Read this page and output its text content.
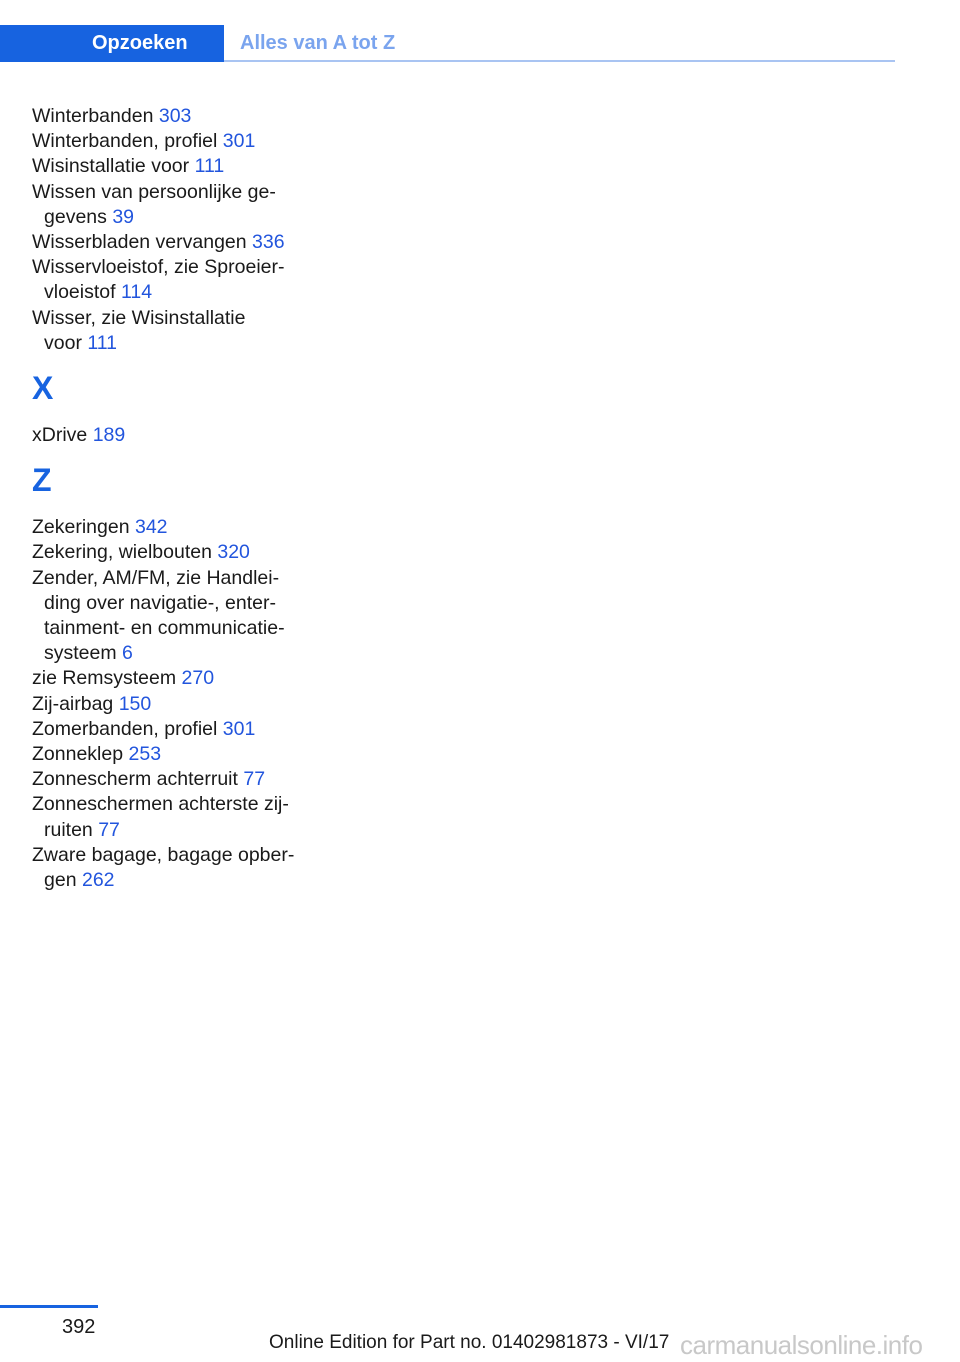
Opzoeken	Alles van A tot Z

Winterbanden 303

Winterbanden, profiel 301

Wisinstallatie voor 111

Wissen van persoonlijke ge-
gevens 39

Wisserbladen vervangen 336

Wisservloeistof, zie Sproeier-
vloeistof 114

Wisser, zie Wisinstallatie
voor 111

X

xDrive 189

Z

Zekeringen 342

Zekering, wielbouten 320

Zender, AM/FM, zie Handlei-
ding over navigatie-, enter-
tainment- en communicatie-
systeem 6

zie Remsysteem 270

Zij-airbag 150

Zomerbanden, profiel 301

Zonneklep 253

Zonnescherm achterruit 77

Zonneschermen achterste zij-
ruiten 77

Zware bagage, bagage opber-
gen 262

392
Online Edition for Part no. 01402981873 - VI/17 carmanualsonline.info
